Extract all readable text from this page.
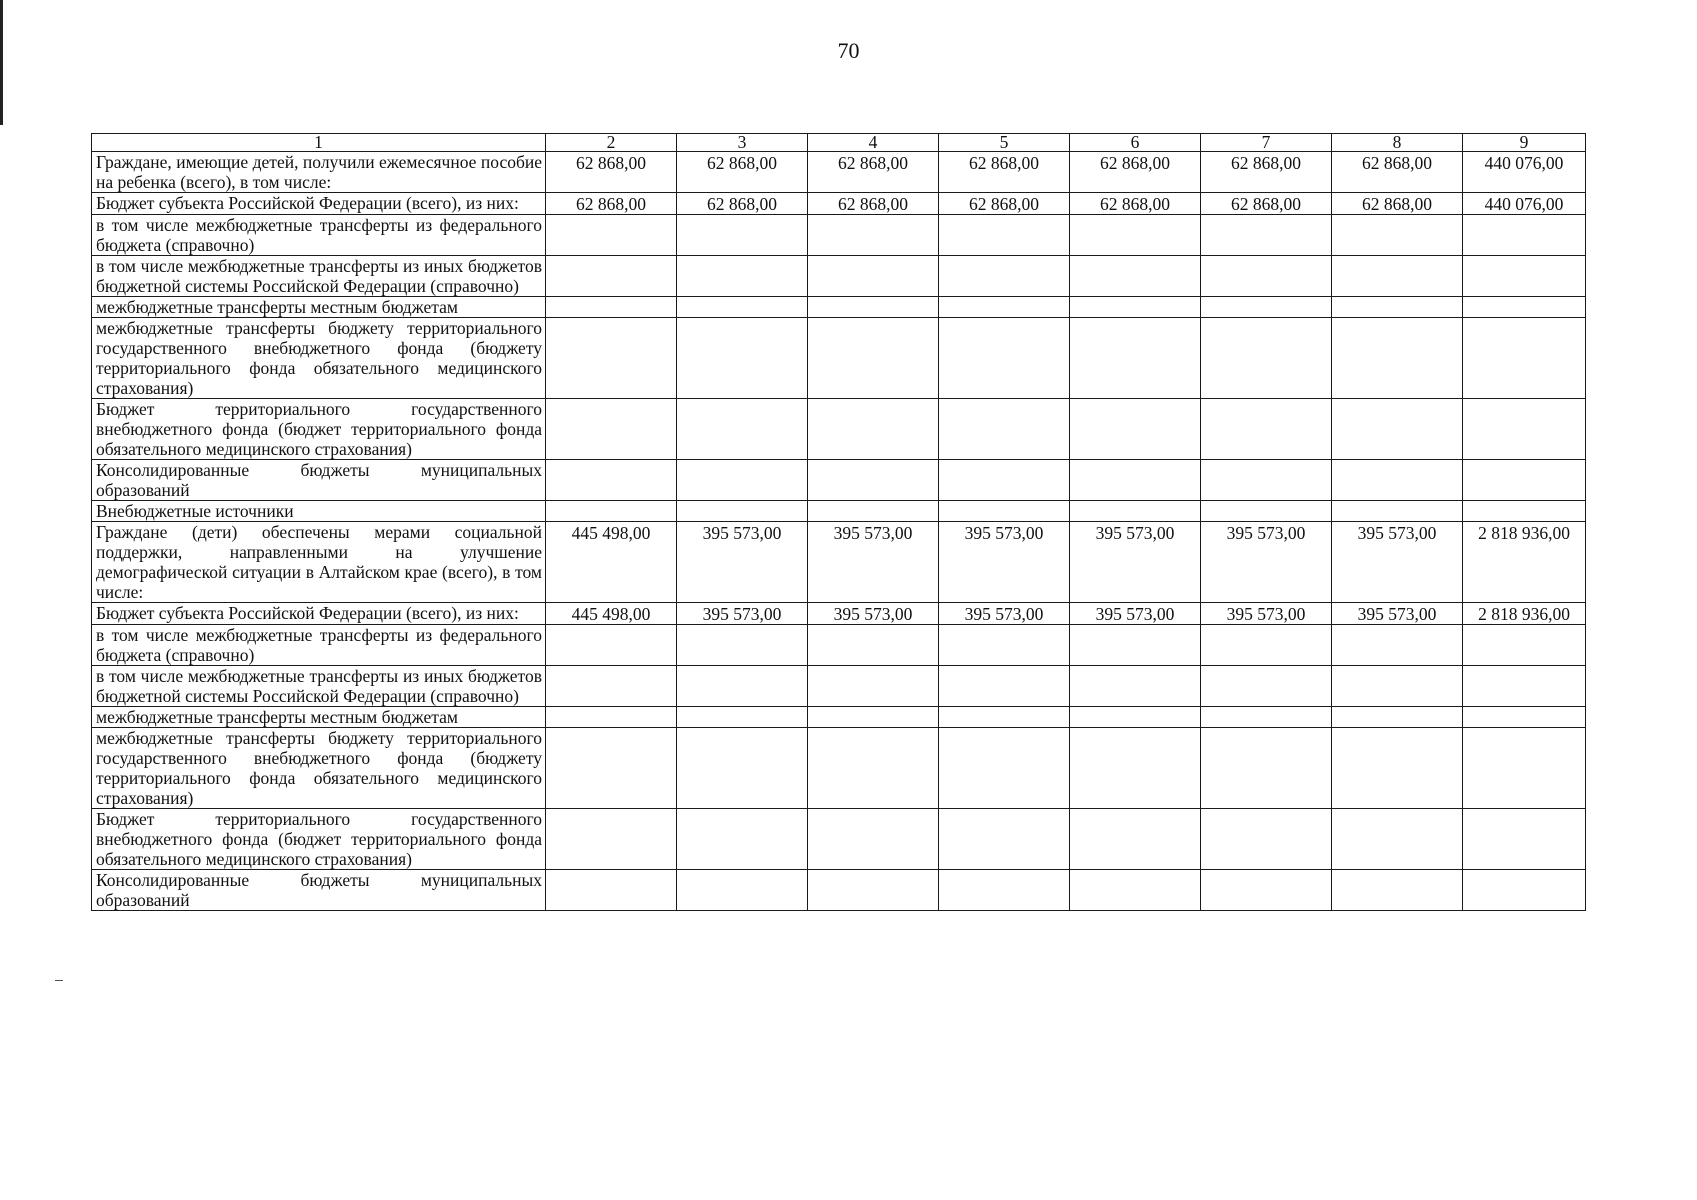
70
1	2	3	4	5	6	7	8	9
Граждане, имеющие детей, получили ежемесячное пособие на ребенка (всего), в том числе:	62 868,00	62 868,00	62 868,00	62 868,00	62 868,00	62 868,00	62 868,00	440 076,00
Бюджет субъекта Российской Федерации (всего), из них:	62 868,00	62 868,00	62 868,00	62 868,00	62 868,00	62 868,00	62 868,00	440 076,00
в том числе межбюджетные трансферты из федерального бюджета (справочно)								
в том числе межбюджетные трансферты из иных бюджетов бюджетной системы Российской Федерации (справочно)								
межбюджетные трансферты местным бюджетам								
межбюджетные трансферты бюджету территориального государственного внебюджетного фонда (бюджету территориального фонда обязательного медицинского страхования)								
Бюджет территориального государственного внебюджетного фонда (бюджет территориального фонда обязательного медицинского страхования)								
Консолидированные бюджеты муниципальных образований								
Внебюджетные источники								
Граждане (дети) обеспечены мерами социальной поддержки, направленными на улучшение демографической ситуации в Алтайском крае (всего), в том числе:	445 498,00	395 573,00	395 573,00	395 573,00	395 573,00	395 573,00	395 573,00	2 818 936,00
Бюджет субъекта Российской Федерации (всего), из них:	445 498,00	395 573,00	395 573,00	395 573,00	395 573,00	395 573,00	395 573,00	2 818 936,00
в том числе межбюджетные трансферты из федерального бюджета (справочно)								
в том числе межбюджетные трансферты из иных бюджетов бюджетной системы Российской Федерации (справочно)								
межбюджетные трансферты местным бюджетам								
межбюджетные трансферты бюджету территориального государственного внебюджетного фонда (бюджету территориального фонда обязательного медицинского страхования)								
Бюджет территориального государственного внебюджетного фонда (бюджет территориального фонда обязательного медицинского страхования)								
Консолидированные бюджеты муниципальных образований								
